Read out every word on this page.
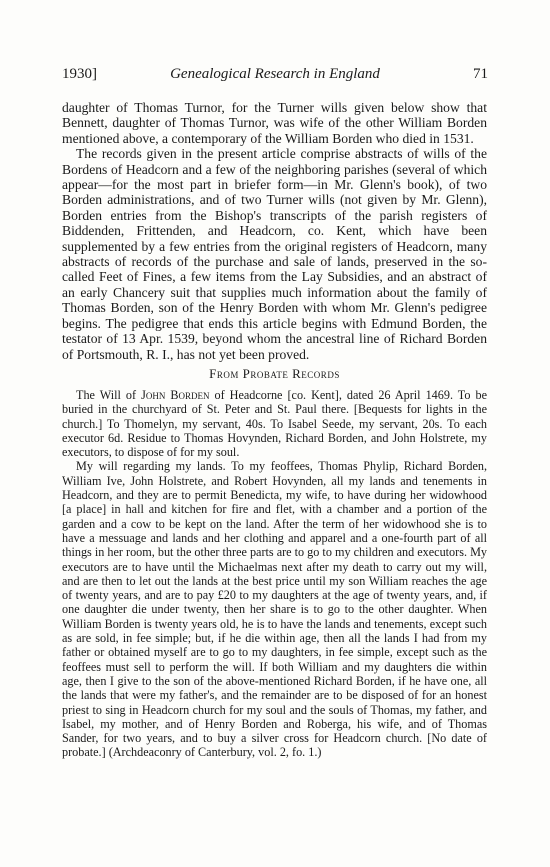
1930]	Genealogical Research in England	71

daughter of Thomas Turnor, for the Turner wills given below show that Bennett, daughter of Thomas Turnor, was wife of the other William Borden mentioned above, a contemporary of the William Borden who died in 1531.

The records given in the present article comprise abstracts of wills of the Bordens of Headcorn and a few of the neighboring parishes (several of which appear—for the most part in briefer form—in Mr. Glenn's book), of two Borden administrations, and of two Turner wills (not given by Mr. Glenn), Borden entries from the Bishop's transcripts of the parish registers of Biddenden, Frittenden, and Headcorn, co. Kent, which have been supplemented by a few entries from the original registers of Headcorn, many abstracts of records of the purchase and sale of lands, preserved in the so-called Feet of Fines, a few items from the Lay Subsidies, and an abstract of an early Chancery suit that supplies much information about the family of Thomas Borden, son of the Henry Borden with whom Mr. Glenn's pedigree begins. The pedigree that ends this article begins with Edmund Borden, the testator of 13 Apr. 1539, beyond whom the ancestral line of Richard Borden of Portsmouth, R. I., has not yet been proved.

From Probate Records

The Will of John Borden of Headcorne [co. Kent], dated 26 April 1469. To be buried in the churchyard of St. Peter and St. Paul there. [Bequests for lights in the church.] To Thomelyn, my servant, 40s. To Isabel Seede, my servant, 20s. To each executor 6d. Residue to Thomas Hovynden, Richard Borden, and John Holstrete, my executors, to dispose of for my soul.

My will regarding my lands. To my feoffees, Thomas Phylip, Richard Borden, William Ive, John Holstrete, and Robert Hovynden, all my lands and tenements in Headcorn, and they are to permit Benedicta, my wife, to have during her widowhood [a place] in hall and kitchen for fire and flet, with a chamber and a portion of the garden and a cow to be kept on the land. After the term of her widowhood she is to have a messuage and lands and her clothing and apparel and a one-fourth part of all things in her room, but the other three parts are to go to my children and executors. My executors are to have until the Michaelmas next after my death to carry out my will, and are then to let out the lands at the best price until my son William reaches the age of twenty years, and are to pay £20 to my daughters at the age of twenty years, and, if one daughter die under twenty, then her share is to go to the other daughter. When William Borden is twenty years old, he is to have the lands and tenements, except such as are sold, in fee simple; but, if he die within age, then all the lands I had from my father or obtained myself are to go to my daughters, in fee simple, except such as the feoffees must sell to perform the will. If both William and my daughters die within age, then I give to the son of the above-mentioned Richard Borden, if he have one, all the lands that were my father's, and the remainder are to be disposed of for an honest priest to sing in Headcorn church for my soul and the souls of Thomas, my father, and Isabel, my mother, and of Henry Borden and Roberga, his wife, and of Thomas Sander, for two years, and to buy a silver cross for Headcorn church. [No date of probate.] (Archdeaconry of Canterbury, vol. 2, fo. 1.)
